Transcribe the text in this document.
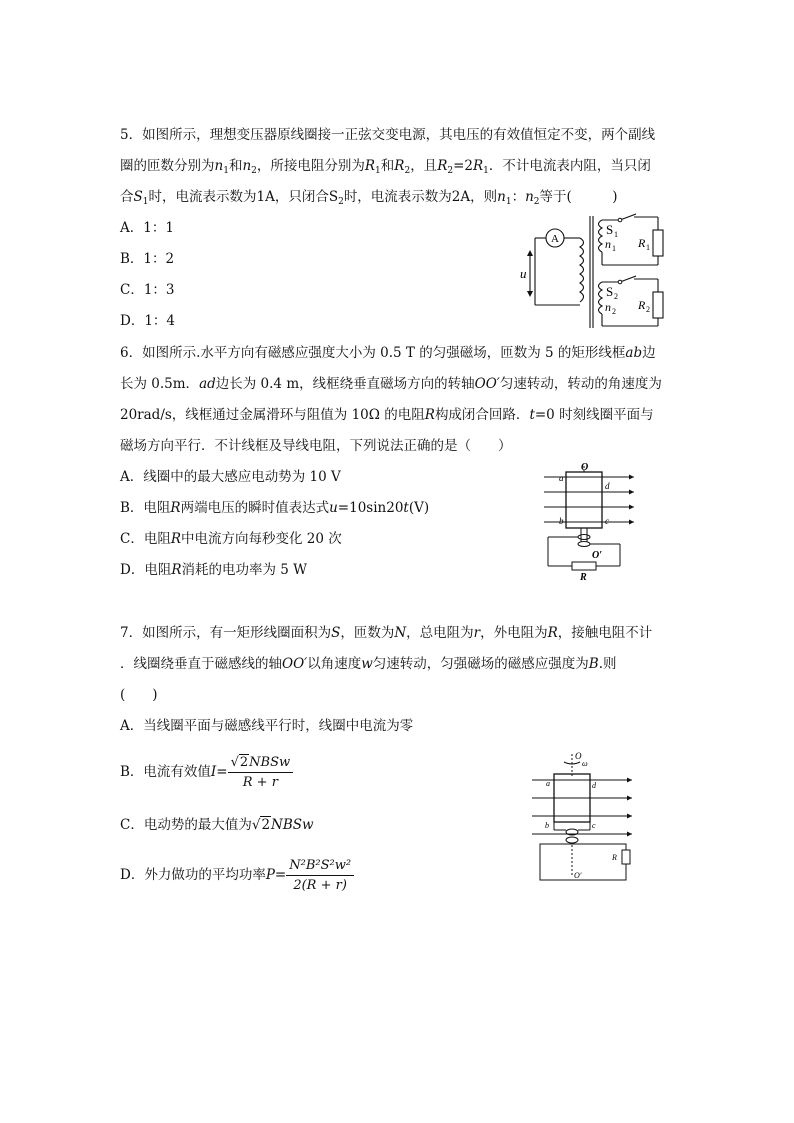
5．如图所示，理想变压器原线圈接一正弦交变电源，其电压的有效值恒定不变，两个副线
圈的匝数分别为$n_1$和$n_2$，所接电阻分别为$R_1$和$R_2$，且$R_2=2R_1$．不计电流表内阻，当只闭
合$S_1$时，电流表示数为1A，只闭合$S_2$时，电流表示数为2A，则$n_1$：$n_2$等于(　　　)
A．1：1
B．1：2
C．1：3
D．1：4
A
u
S 1
n 1 R 1
S 2
n 2 R 2
6．如图所示.水平方向有磁感应强度大小为 0.5 T 的匀强磁场，匝数为 5 的矩形线框ab边
长为 0.5m．ad边长为 0.4 m，线框绕垂直磁场方向的转轴OO′匀速转动，转动的角速度为
20rad/s，线框通过金属滑环与阻值为 10Ω 的电阻R构成闭合回路．t=0 时刻线圈平面与
磁场方向平行．不计线框及导线电阻，下列说法正确的是（　　）
A．线圈中的最大感应电动势为 10 V
B．电阻R两端电压的瞬时值表达式u=10sin20t(V)
C．电阻R中电流方向每秒变化 20 次
D．电阻R消耗的电功率为 5 W
O
a
d
b	c
O′
R
7．如图所示，有一矩形线圈面积为S，匝数为N，总电阻为r，外电阻为R，接触电阻不计
．线圈绕垂直于磁感线的轴OO′以角速度w匀速转动，匀强磁场的磁感应强度为B.则
(　　)
A．当线圈平面与磁感线平行时，线圈中电流为零
B．电流有效值$I= \frac{\text{√2NBSw}}{R + r}$
C．电动势的最大值为√2NBSw
D．外力做功的平均功率$P= \frac{\text{N²B²S²w²}}{2(R + r)}$
O
ω
a	d
b	c
R
O′
